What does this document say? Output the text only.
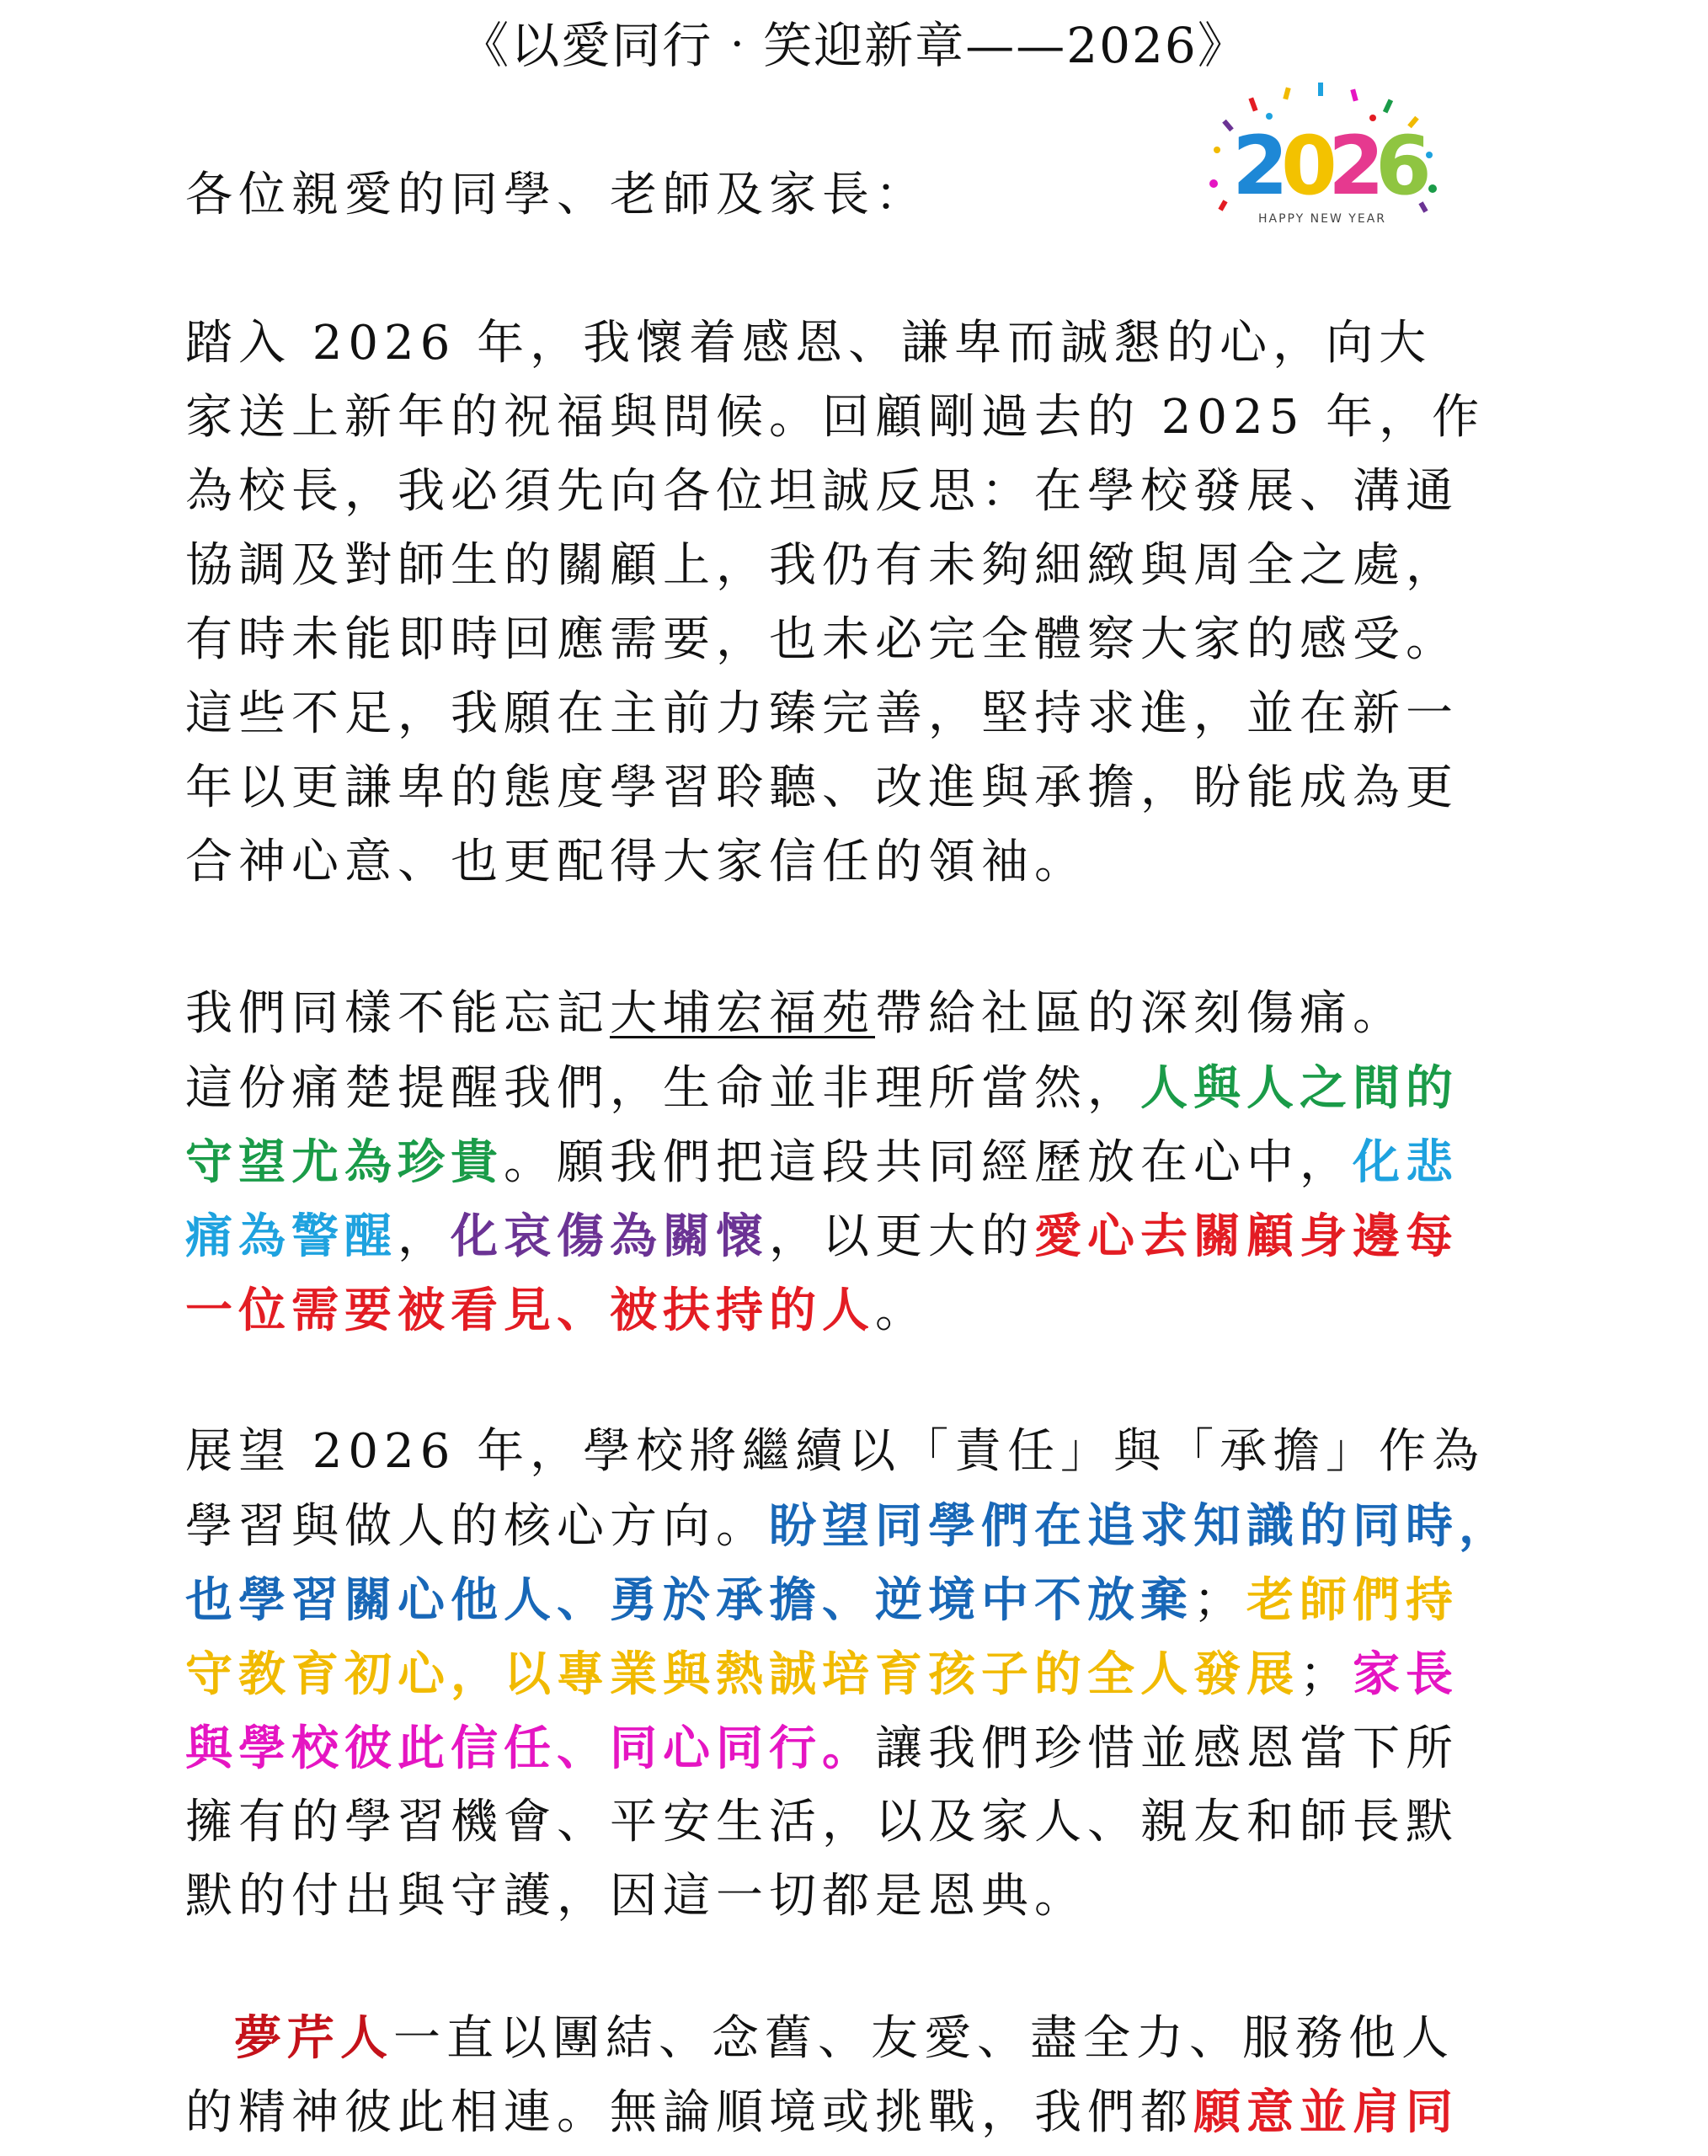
《以愛同行‧笑迎新章——2026》
2
0
2
6
HAPPY NEW YEAR
各位親愛的同學、老師及家長：
踏入 2026 年，我懷着感恩、謙卑而誠懇的心，向大
家送上新年的祝福與問候。回顧剛過去的 2025 年，作
為校長，我必須先向各位坦誠反思：在學校發展、溝通
協調及對師生的關顧上，我仍有未夠細緻與周全之處，
有時未能即時回應需要，也未必完全體察大家的感受。
這些不足，我願在主前力臻完善，堅持求進，並在新一
年以更謙卑的態度學習聆聽、改進與承擔，盼能成為更
合神心意、也更配得大家信任的領袖。
我們同樣不能忘記大埔宏福苑帶給社區的深刻傷痛。
這份痛楚提醒我們，生命並非理所當然，人與人之間的
守望尤為珍貴。願我們把這段共同經歷放在心中，化悲
痛為警醒，化哀傷為關懷，以更大的愛心去關顧身邊每
一位需要被看見、被扶持的人。
展望 2026 年，學校將繼續以「責任」與「承擔」作為
學習與做人的核心方向。盼望同學們在追求知識的同時，
也學習關心他人、勇於承擔、逆境中不放棄；老師們持
守教育初心，以專業與熱誠培育孩子的全人發展；家長
與學校彼此信任、同心同行。讓我們珍惜並感恩當下所
擁有的學習機會、平安生活，以及家人、親友和師長默
默的付出與守護，因這一切都是恩典。
夢芹人一直以團結、念舊、友愛、盡全力、服務他人
的精神彼此相連。無論順境或挑戰，我們都願意並肩同
